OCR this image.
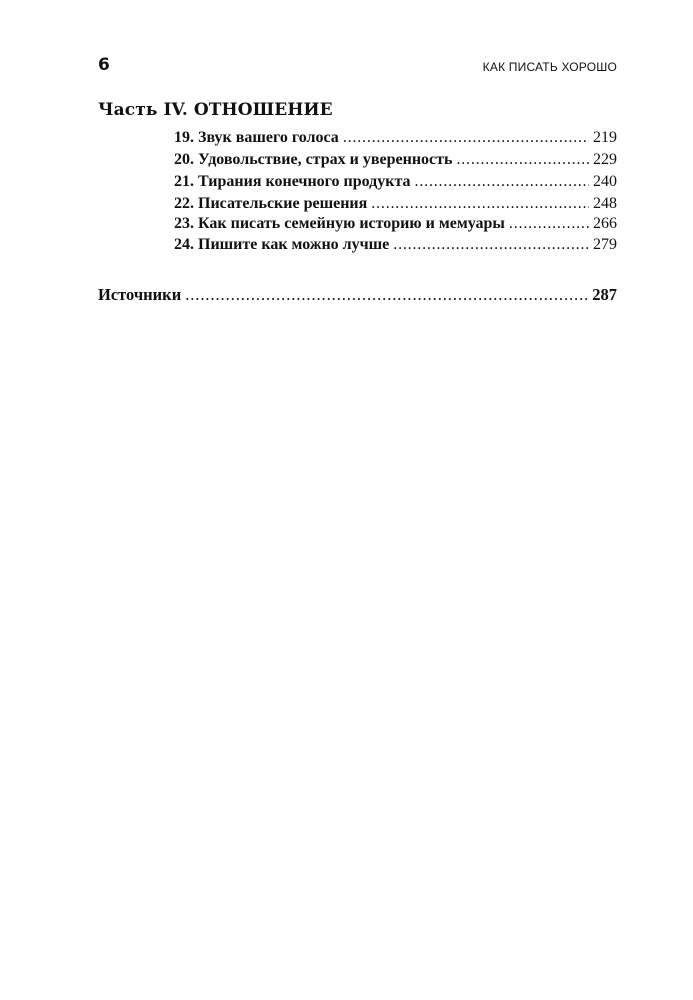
6	КАК ПИСАТЬ ХОРОШО
Часть IV. ОТНОШЕНИЕ
19. Звук вашего голоса . . .	219
20. Удовольствие, страх и уверенность . . .	229
21. Тирания конечного продукта . . .	240
22. Писательские решения . . .	248
23. Как писать семейную историю и мемуары . . .	266
24. Пишите как можно лучше . . .	279
Источники . . .	287
